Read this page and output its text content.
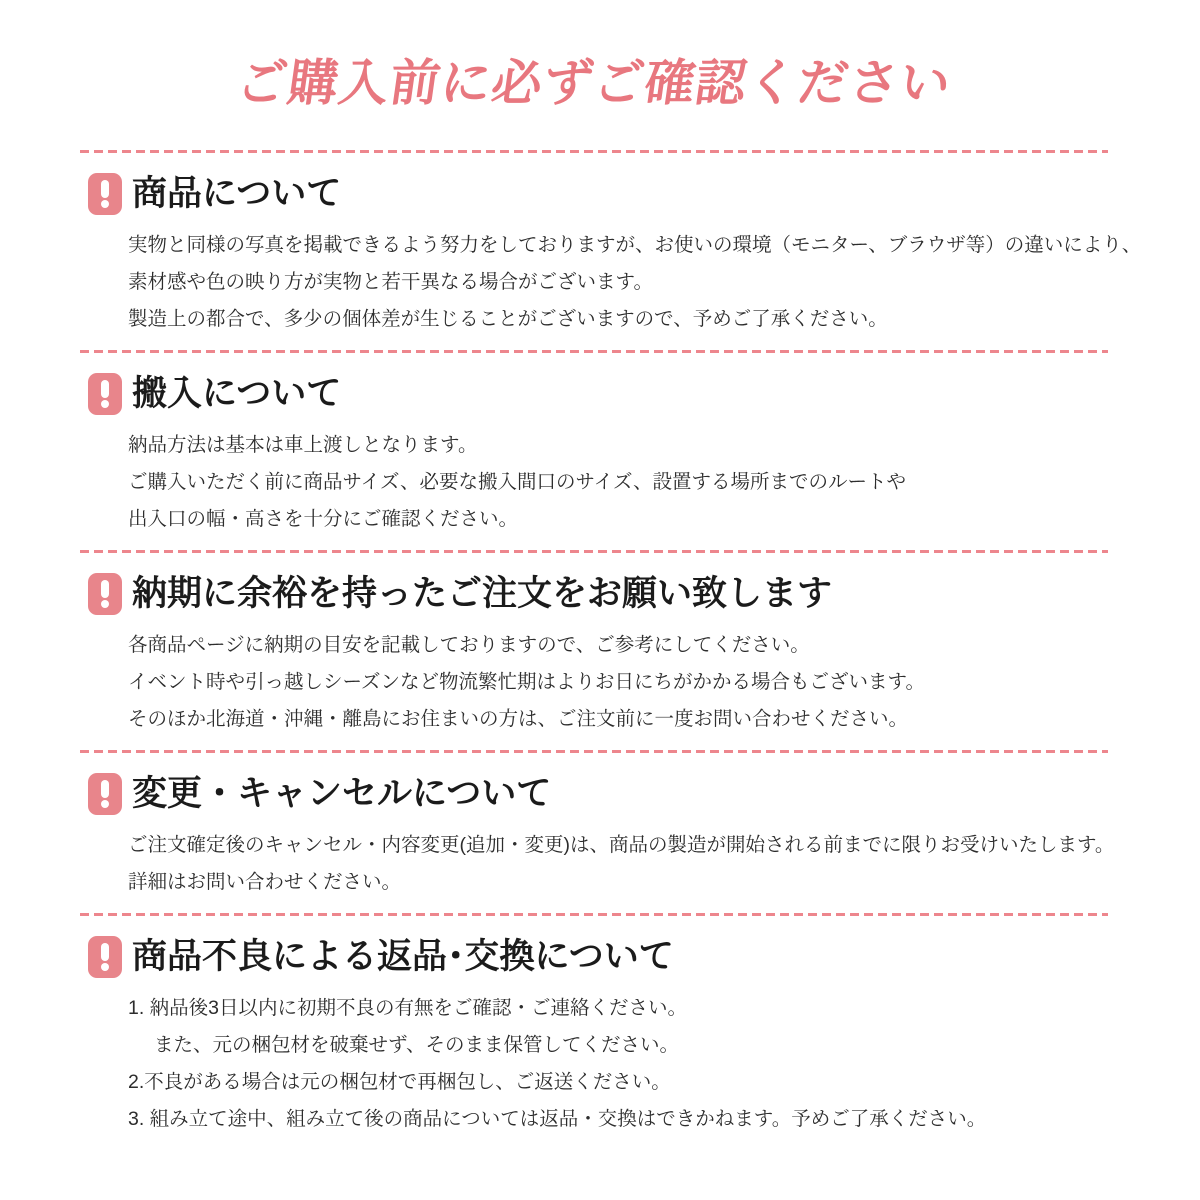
ご購入前に必ずご確認ください
商品について

実物と同様の写真を掲載できるよう努力をしておりますが、お使いの環境（モニター、ブラウザ等）の違いにより、

素材感や色の映り方が実物と若干異なる場合がございます。

製造上の都合で、多少の個体差が生じることがございますので、予めご了承ください。

搬入について

納品方法は基本は車上渡しとなります。

ご購入いただく前に商品サイズ、必要な搬入間口のサイズ、設置する場所までのルートや

出入口の幅・高さを十分にご確認ください。

納期に余裕を持ったご注文をお願い致します

各商品ページに納期の目安を記載しておりますので、ご参考にしてください。

イベント時や引っ越しシーズンなど物流繁忙期はよりお日にちがかかる場合もございます。

そのほか北海道・沖縄・離島にお住まいの方は、ご注文前に一度お問い合わせください。

変更・キャンセルについて

ご注文確定後のキャンセル・内容変更(追加・変更)は、商品の製造が開始される前までに限りお受けいたします。

詳細はお問い合わせください。

商品不良による返品･交換について

1. 納品後3日以内に初期不良の有無をご確認・ご連絡ください。

また、元の梱包材を破棄せず、そのまま保管してください。

2.不良がある場合は元の梱包材で再梱包し、ご返送ください。

3. 組み立て途中、組み立て後の商品については返品・交換はできかねます。予めご了承ください。
